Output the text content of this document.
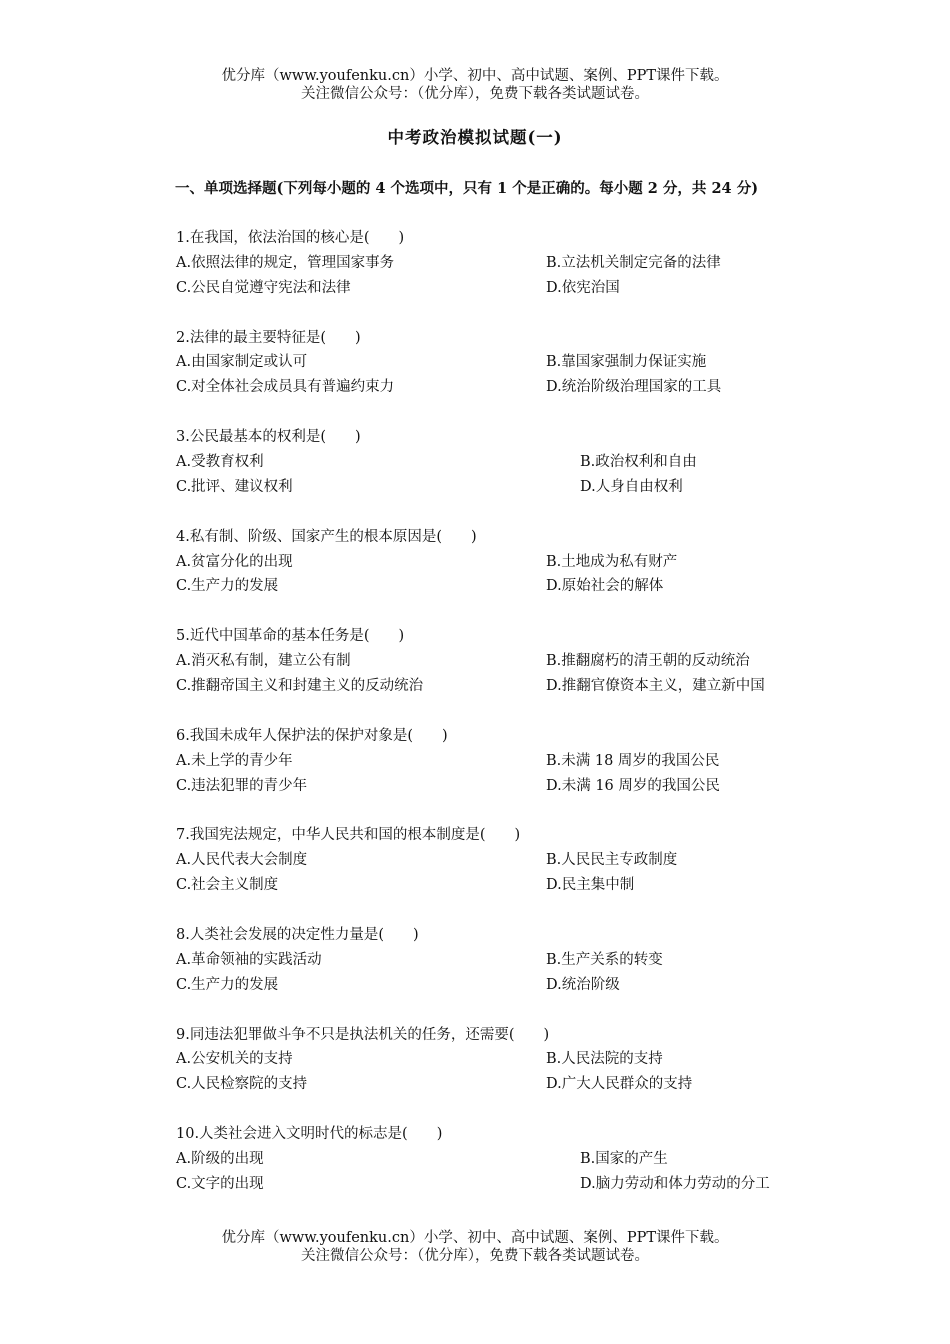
优分库（www.youfenku.cn）小学、初中、高中试题、案例、PPT课件下载。
关注微信公众号：（优分库），免费下载各类试题试卷。
中考政治模拟试题(一)
一、单项选择题(下列每小题的 4 个选项中，只有 1 个是正确的。每小题 2 分，共 24 分)
1.在我国，依法治国的核心是(　　)
A.依照法律的规定，管理国家事务	B.立法机关制定完备的法律
C.公民自觉遵守宪法和法律	D.依宪治国
2.法律的最主要特征是(　　)
A.由国家制定或认可	B.靠国家强制力保证实施
C.对全体社会成员具有普遍约束力	D.统治阶级治理国家的工具
3.公民最基本的权利是(　　)
A.受教育权利	B.政治权利和自由
C.批评、建议权利	D.人身自由权利
4.私有制、阶级、国家产生的根本原因是(　　)
A.贫富分化的出现	B.土地成为私有财产
C.生产力的发展	D.原始社会的解体
5.近代中国革命的基本任务是(　　)
A.消灭私有制，建立公有制	B.推翻腐朽的清王朝的反动统治
C.推翻帝国主义和封建主义的反动统治	D.推翻官僚资本主义，建立新中国
6.我国未成年人保护法的保护对象是(　　)
A.未上学的青少年	B.未满 18 周岁的我国公民
C.违法犯罪的青少年	D.未满 16 周岁的我国公民
7.我国宪法规定，中华人民共和国的根本制度是(　　)
A.人民代表大会制度	B.人民民主专政制度
C.社会主义制度	D.民主集中制
8.人类社会发展的决定性力量是(　　)
A.革命领袖的实践活动	B.生产关系的转变
C.生产力的发展	D.统治阶级
9.同违法犯罪做斗争不只是执法机关的任务，还需要(　　)
A.公安机关的支持	B.人民法院的支持
C.人民检察院的支持	D.广大人民群众的支持
10.人类社会进入文明时代的标志是(　　)
A.阶级的出现	B.国家的产生
C.文字的出现	D.脑力劳动和体力劳动的分工
优分库（www.youfenku.cn）小学、初中、高中试题、案例、PPT课件下载。
关注微信公众号：（优分库），免费下载各类试题试卷。
